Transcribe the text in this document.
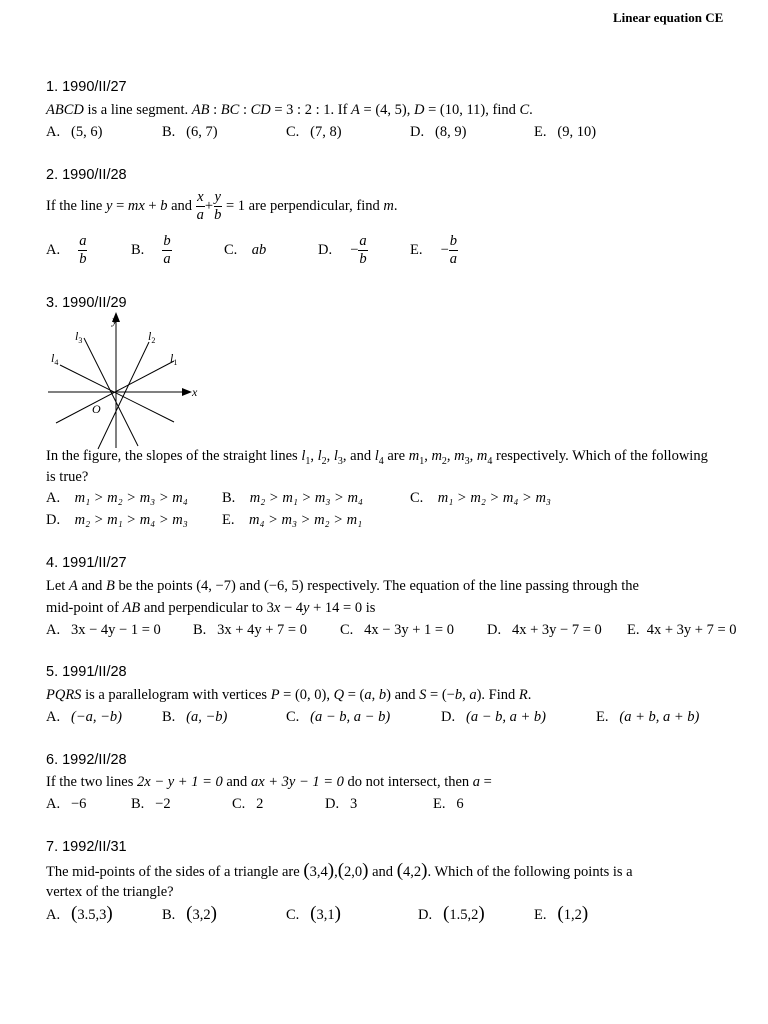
Linear equation CE
1. 1990/II/27
ABCD is a line segment. AB : BC : CD = 3 : 2 : 1. If A = (4, 5), D = (10, 11), find C.
A. (5, 6)	B. (6, 7)	C. (7, 8)	D. (8, 9)	E. (9, 10)
2. 1990/II/28
If the line y = mx + b and $\frac{x}{a} + \frac{y}{b} = 1$ are perpendicular, find m.
A. $\frac{a}{b}$	B. $\frac{b}{a}$	C. ab	D. − $\frac{a}{b}$	E. − $\frac{b}{a}$
3. 1990/II/29
y
x
O
$l_1$
$l_2$
$l_3$
$l_4$
In the figure, the slopes of the straight lines $l_1$, $l_2$, $l_3$, and $l_4$ are $m_1$, $m_2$, $m_3$, $m_4$ respectively. Which of the following
is true?
A. m₁ > m₂ > m₃ > m₄ B. m₂ > m₁ > m₃ > m₄	C. m₁ > m₂ > m₄ > m₃
D. m₂ > m₁ > m₄ > m₃ E. m₄ > m₃ > m₂ > m₁
4. 1991/II/27
Let A and B be the points (4, −7) and (−6, 5) respectively. The equation of the line passing through the
mid-point of AB and perpendicular to 3x − 4y + 14 = 0 is
A. 3x − 4y − 1 = 0 B. 3x + 4y + 7 = 0 C. 4x − 3y + 1 = 0 D. 4x + 3y − 7 = 0 E. 4x + 3y + 7 = 0
5. 1991/II/28
PQRS is a parallelogram with vertices P = (0, 0), Q = (a, b) and S = (−b, a). Find R.
A. (−a, −b)	B. (a, −b)	C. (a − b, a − b)	D. (a − b, a + b)	E. (a + b, a + b)
6. 1992/II/28
If the two lines 2x − y + 1 = 0 and ax + 3y − 1 = 0 do not intersect, then a =
A. −6	B. −2	C. 2	D. 3	E. 6
7. 1992/II/31
The mid-points of the sides of a triangle are (3,4),(2,0) and (4,2). Which of the following points is a
vertex of the triangle?
A. (3.5,3)	B. (3,2)	C. (3,1)	D. (1.5,2)	E. (1,2)
